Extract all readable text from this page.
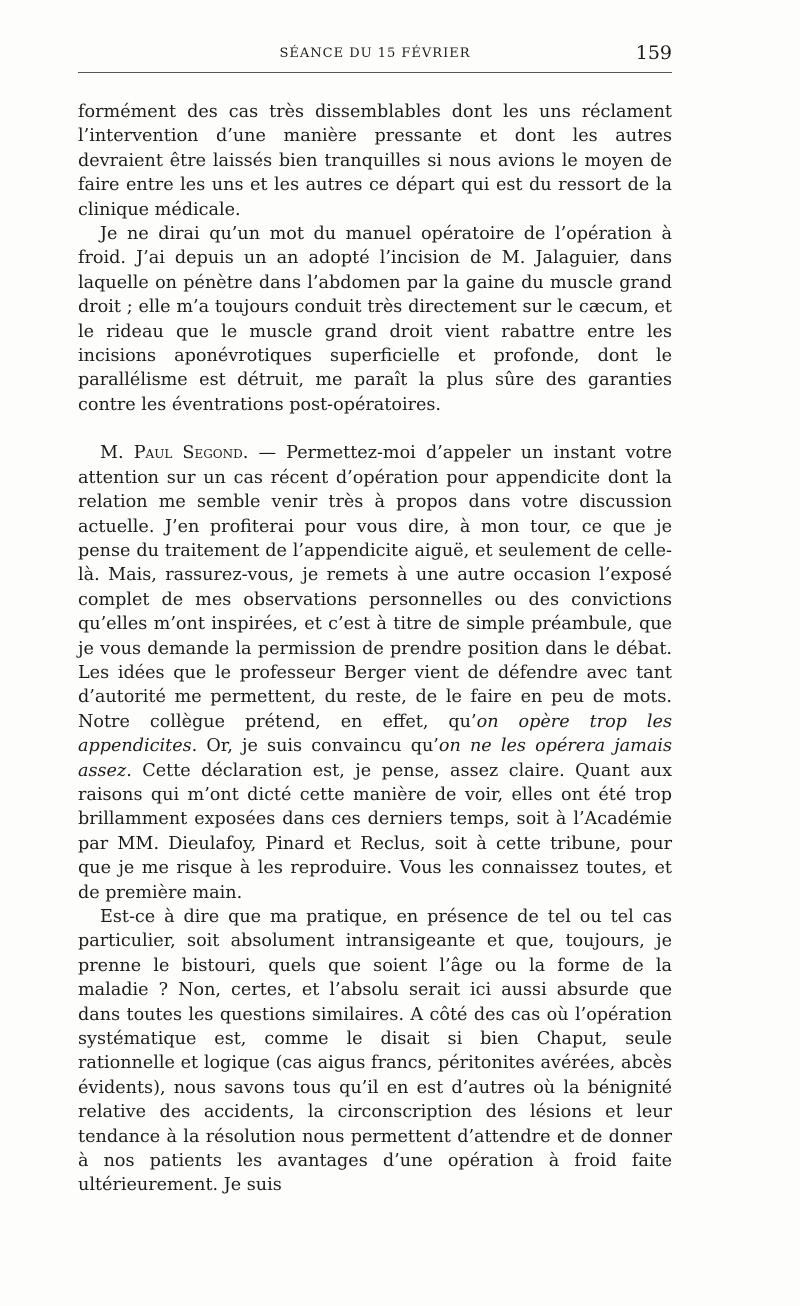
SÉANCE DU 15 FÉVRIER	159

formément des cas très dissemblables dont les uns réclament l’intervention d’une manière pressante et dont les autres devraient être laissés bien tranquilles si nous avions le moyen de faire entre les uns et les autres ce départ qui est du ressort de la clinique médicale.

Je ne dirai qu’un mot du manuel opératoire de l’opération à froid. J’ai depuis un an adopté l’incision de M. Jalaguier, dans laquelle on pénètre dans l’abdomen par la gaine du muscle grand droit ; elle m’a toujours conduit très directement sur le cæcum, et le rideau que le muscle grand droit vient rabattre entre les incisions aponévrotiques superficielle et profonde, dont le parallélisme est détruit, me paraît la plus sûre des garanties contre les éventrations post-opératoires.

M. Paul Segond. — Permettez-moi d’appeler un instant votre attention sur un cas récent d’opération pour appendicite dont la relation me semble venir très à propos dans votre discussion actuelle. J’en profiterai pour vous dire, à mon tour, ce que je pense du traitement de l’appendicite aiguë, et seulement de celle-là. Mais, rassurez-vous, je remets à une autre occasion l’exposé complet de mes observations personnelles ou des convictions qu’elles m’ont inspirées, et c’est à titre de simple préambule, que je vous demande la permission de prendre position dans le débat. Les idées que le professeur Berger vient de défendre avec tant d’autorité me permettent, du reste, de le faire en peu de mots. Notre collègue prétend, en effet, qu’on opère trop les appendicites. Or, je suis convaincu qu’on ne les opérera jamais assez. Cette déclaration est, je pense, assez claire. Quant aux raisons qui m’ont dicté cette manière de voir, elles ont été trop brillamment exposées dans ces derniers temps, soit à l’Académie par MM. Dieulafoy, Pinard et Reclus, soit à cette tribune, pour que je me risque à les reproduire. Vous les connaissez toutes, et de première main.

Est-ce à dire que ma pratique, en présence de tel ou tel cas particulier, soit absolument intransigeante et que, toujours, je prenne le bistouri, quels que soient l’âge ou la forme de la maladie ? Non, certes, et l’absolu serait ici aussi absurde que dans toutes les questions similaires. A côté des cas où l’opération systématique est, comme le disait si bien Chaput, seule rationnelle et logique (cas aigus francs, péritonites avérées, abcès évidents), nous savons tous qu’il en est d’autres où la bénignité relative des accidents, la circonscription des lésions et leur tendance à la résolution nous permettent d’attendre et de donner à nos patients les avantages d’une opération à froid faite ultérieurement. Je suis
